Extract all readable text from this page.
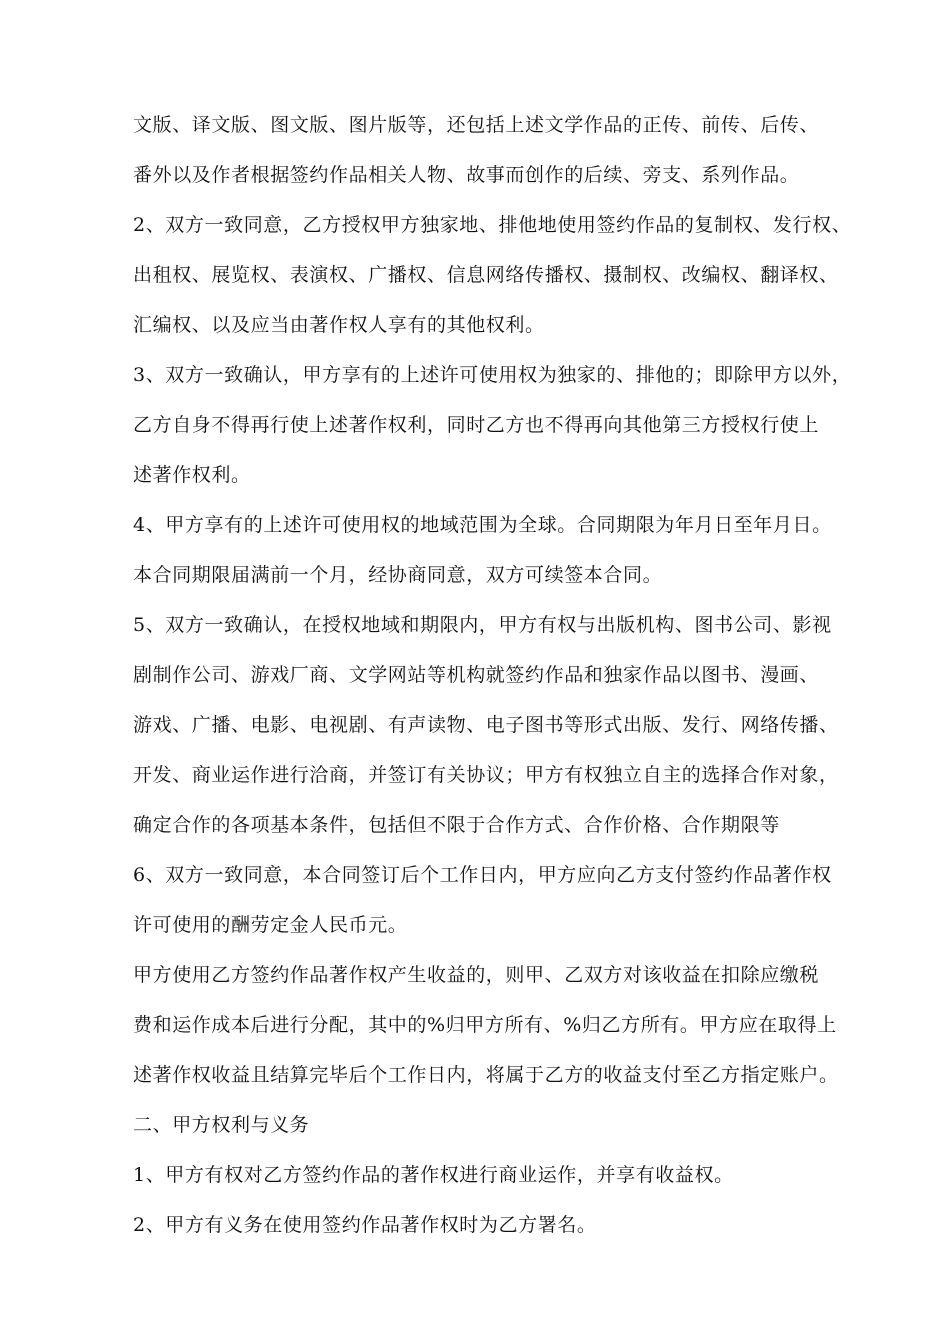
文版、译文版、图文版、图片版等，还包括上述文学作品的正传、前传、后传、
番外以及作者根据签约作品相关人物、故事而创作的后续、旁支、系列作品。
2、双方一致同意，乙方授权甲方独家地、排他地使用签约作品的复制权、发行权、
出租权、展览权、表演权、广播权、信息网络传播权、摄制权、改编权、翻译权、
汇编权、以及应当由著作权人享有的其他权利。
3、双方一致确认，甲方享有的上述许可使用权为独家的、排他的；即除甲方以外，
乙方自身不得再行使上述著作权利，同时乙方也不得再向其他第三方授权行使上
述著作权利。
4、甲方享有的上述许可使用权的地域范围为全球。合同期限为年月日至年月日。
本合同期限届满前一个月，经协商同意，双方可续签本合同。
5、双方一致确认，在授权地域和期限内，甲方有权与出版机构、图书公司、影视
剧制作公司、游戏厂商、文学网站等机构就签约作品和独家作品以图书、漫画、
游戏、广播、电影、电视剧、有声读物、电子图书等形式出版、发行、网络传播、
开发、商业运作进行洽商，并签订有关协议；甲方有权独立自主的选择合作对象，
确定合作的各项基本条件，包括但不限于合作方式、合作价格、合作期限等
6、双方一致同意，本合同签订后个工作日内，甲方应向乙方支付签约作品著作权
许可使用的酬劳定金人民币元。
甲方使用乙方签约作品著作权产生收益的，则甲、乙双方对该收益在扣除应缴税
费和运作成本后进行分配，其中的%归甲方所有、%归乙方所有。甲方应在取得上
述著作权收益且结算完毕后个工作日内，将属于乙方的收益支付至乙方指定账户。
二、甲方权利与义务
1、甲方有权对乙方签约作品的著作权进行商业运作，并享有收益权。
2、甲方有义务在使用签约作品著作权时为乙方署名。
